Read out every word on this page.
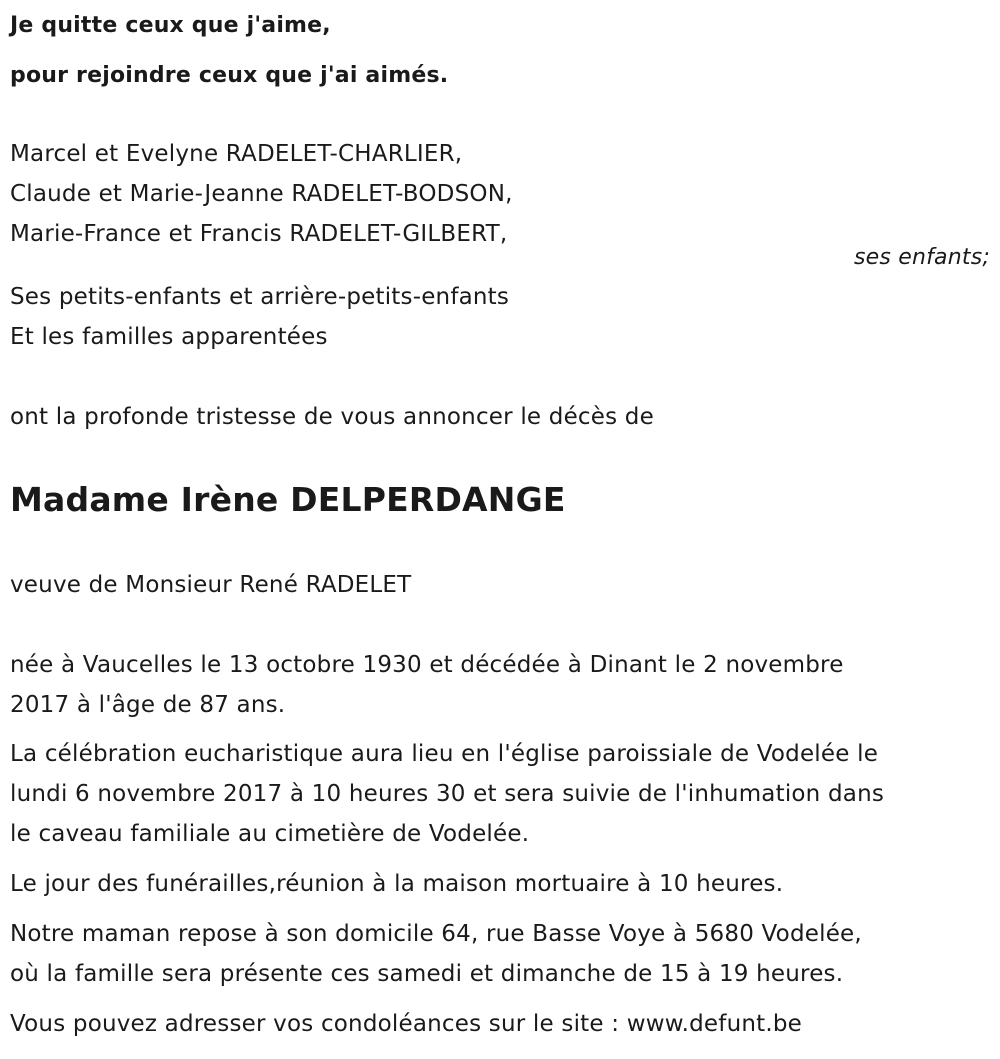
Je quitte ceux que j'aime,
pour rejoindre ceux que j'ai aimés.
Marcel et Evelyne RADELET-CHARLIER,
Claude et Marie-Jeanne RADELET-BODSON,
Marie-France et Francis RADELET-GILBERT,
ses enfants;
Ses petits-enfants et arrière-petits-enfants
Et les familles apparentées
ont la profonde tristesse de vous annoncer le décès de
Madame Irène DELPERDANGE
veuve de Monsieur René RADELET
née à Vaucelles le 13 octobre 1930 et décédée à Dinant le 2 novembre
2017 à l'âge de 87 ans.
La célébration eucharistique aura lieu en l'église paroissiale de Vodelée le
lundi 6 novembre 2017 à 10 heures 30 et sera suivie de l'inhumation dans
le caveau familiale au cimetière de Vodelée.
Le jour des funérailles,réunion à la maison mortuaire à 10 heures.
Notre maman repose à son domicile 64, rue Basse Voye à 5680 Vodelée,
où la famille sera présente ces samedi et dimanche de 15 à 19 heures.
Vous pouvez adresser vos condoléances sur le site : www.defunt.be
